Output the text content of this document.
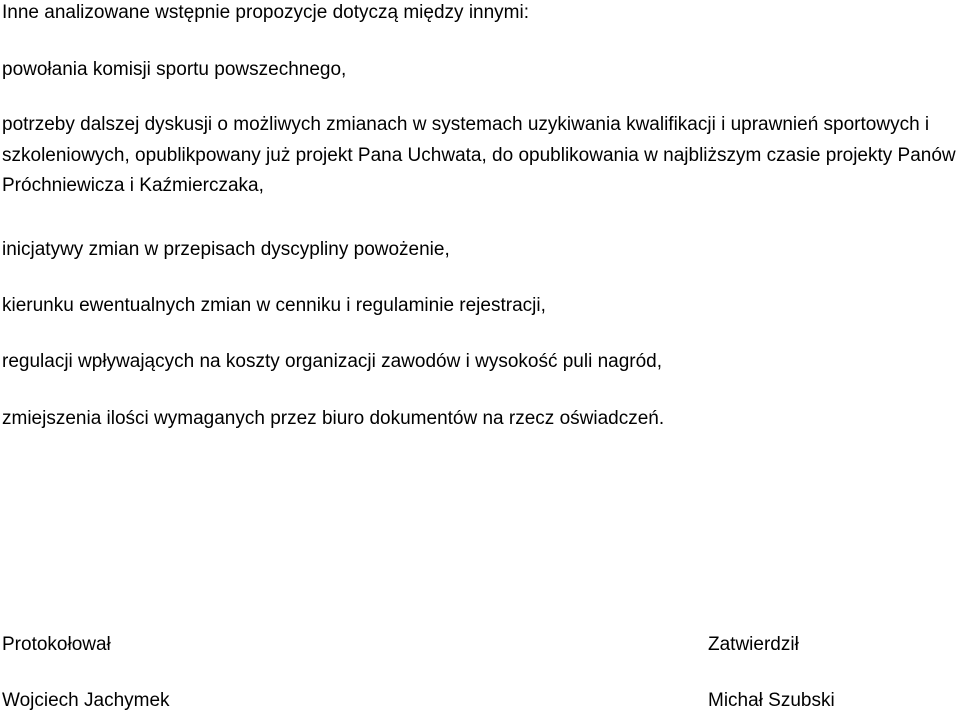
Inne analizowane wstępnie propozycje dotyczą między innymi:

powołania komisji sportu powszechnego,

potrzeby dalszej dyskusji o możliwych zmianach w systemach uzykiwania kwalifikacji i uprawnień sportowych i szkoleniowych, opublikpowany już projekt Pana Uchwata, do opublikowania w najbliższym czasie projekty Panów Próchniewicza i Kaźmierczaka,

inicjatywy zmian w przepisach dyscypliny powożenie,

kierunku ewentualnych zmian w cenniku i regulaminie rejestracji,

regulacji wpływających na koszty organizacji zawodów i wysokość puli nagród,

zmiejszenia ilości wymaganych przez biuro dokumentów na rzecz oświadczeń.

Protokołował

Wojciech Jachymek

Zatwierdził

Michał Szubski
